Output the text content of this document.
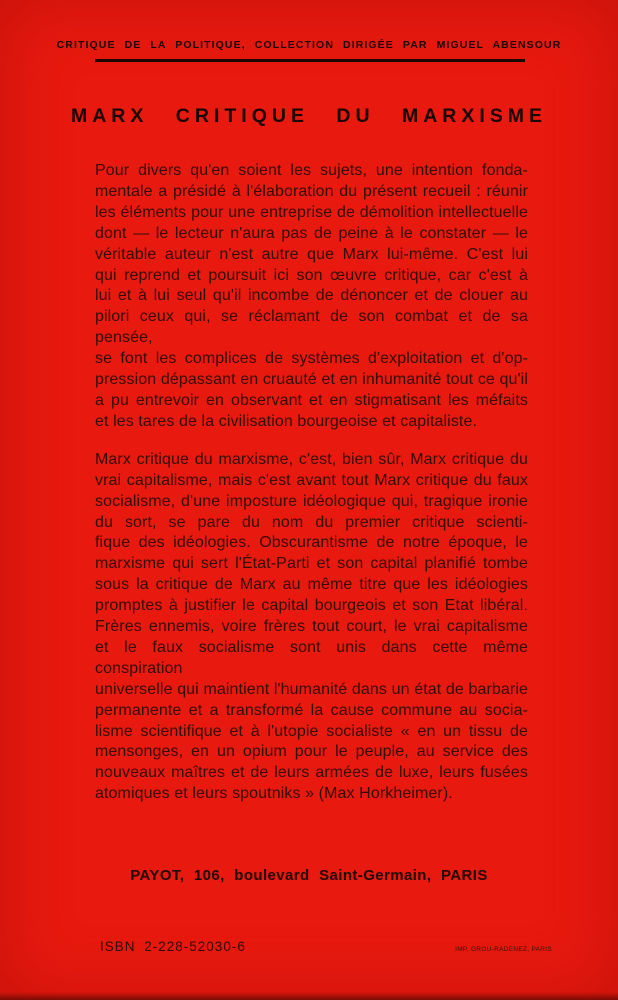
CRITIQUE DE LA POLITIQUE, COLLECTION DIRIGÉE PAR MIGUEL ABENSOUR
MARX CRITIQUE DU MARXISME
Pour divers qu'en soient les sujets, une intention fonda-
mentale a présidé à l'élaboration du présent recueil : réunir
les éléments pour une entreprise de démolition intellectuelle
dont — le lecteur n'aura pas de peine à le constater — le
véritable auteur n'est autre que Marx lui-même. C'est lui
qui reprend et poursuit ici son œuvre critique, car c'est à
lui et à lui seul qu'il incombe de dénoncer et de clouer au
pilori ceux qui, se réclamant de son combat et de sa pensée,
se font les complices de systèmes d'exploitation et d'op-
pression dépassant en cruauté et en inhumanité tout ce qu'il
a pu entrevoir en observant et en stigmatisant les méfaits
et les tares de la civilisation bourgeoise et capitaliste.
Marx critique du marxisme, c'est, bien sûr, Marx critique du
vrai capitalisme, mais c'est avant tout Marx critique du faux
socialisme, d'une imposture idéologique qui, tragique ironie
du sort, se pare du nom du premier critique scienti-
fique des idéologies. Obscurantisme de notre époque, le
marxisme qui sert l'État-Parti et son capital planifié tombe
sous la critique de Marx au même titre que les idéologies
promptes à justifier le capital bourgeois et son Etat libéral.
Frères ennemis, voire frères tout court, le vrai capitalisme
et le faux socialisme sont unis dans cette même conspiration
universelle qui maintient l'humanité dans un état de barbarie
permanente et a transformé la cause commune au socia-
lisme scientifique et à l'utopie socialiste « en un tissu de
mensonges, en un opium pour le peuple, au service des
nouveaux maîtres et de leurs armées de luxe, leurs fusées
atomiques et leurs spoutniks » (Max Horkheimer).
PAYOT, 106, boulevard Saint-Germain, PARIS
ISBN 2-228-52030-6	IMP. GROU-RADENEZ, PARIS
